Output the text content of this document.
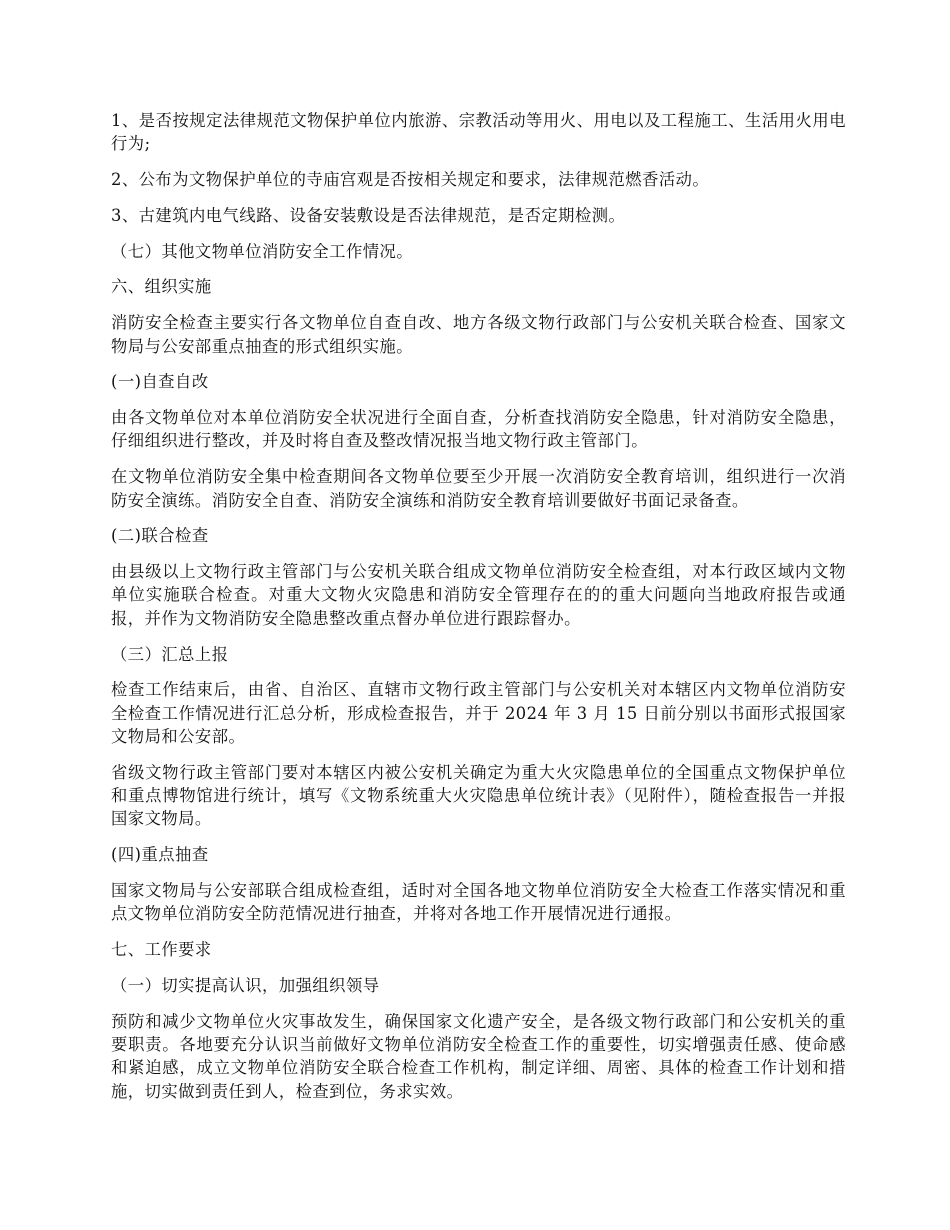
1、是否按规定法律规范文物保护单位内旅游、宗教活动等用火、用电以及工程施工、生活用火用电行为;

2、公布为文物保护单位的寺庙宫观是否按相关规定和要求，法律规范燃香活动。

3、古建筑内电气线路、设备安装敷设是否法律规范，是否定期检测。

（七）其他文物单位消防安全工作情况。

六、组织实施

消防安全检查主要实行各文物单位自查自改、地方各级文物行政部门与公安机关联合检查、国家文物局与公安部重点抽查的形式组织实施。

(一)自查自改

由各文物单位对本单位消防安全状况进行全面自查，分析查找消防安全隐患，针对消防安全隐患，仔细组织进行整改，并及时将自查及整改情况报当地文物行政主管部门。

在文物单位消防安全集中检查期间各文物单位要至少开展一次消防安全教育培训，组织进行一次消防安全演练。消防安全自查、消防安全演练和消防安全教育培训要做好书面记录备查。

(二)联合检查

由县级以上文物行政主管部门与公安机关联合组成文物单位消防安全检查组，对本行政区域内文物单位实施联合检查。对重大文物火灾隐患和消防安全管理存在的的重大问题向当地政府报告或通报，并作为文物消防安全隐患整改重点督办单位进行跟踪督办。

（三）汇总上报

检查工作结束后，由省、自治区、直辖市文物行政主管部门与公安机关对本辖区内文物单位消防安全检查工作情况进行汇总分析，形成检查报告，并于 2024 年 3 月 15 日前分别以书面形式报国家文物局和公安部。

省级文物行政主管部门要对本辖区内被公安机关确定为重大火灾隐患单位的全国重点文物保护单位和重点博物馆进行统计，填写《文物系统重大火灾隐患单位统计表》（见附件），随检查报告一并报国家文物局。

(四)重点抽查

国家文物局与公安部联合组成检查组，适时对全国各地文物单位消防安全大检查工作落实情况和重点文物单位消防安全防范情况进行抽查，并将对各地工作开展情况进行通报。

七、工作要求

（一）切实提高认识，加强组织领导

预防和减少文物单位火灾事故发生，确保国家文化遗产安全，是各级文物行政部门和公安机关的重要职责。各地要充分认识当前做好文物单位消防安全检查工作的重要性，切实增强责任感、使命感和紧迫感，成立文物单位消防安全联合检查工作机构，制定详细、周密、具体的检查工作计划和措施，切实做到责任到人，检查到位，务求实效。
